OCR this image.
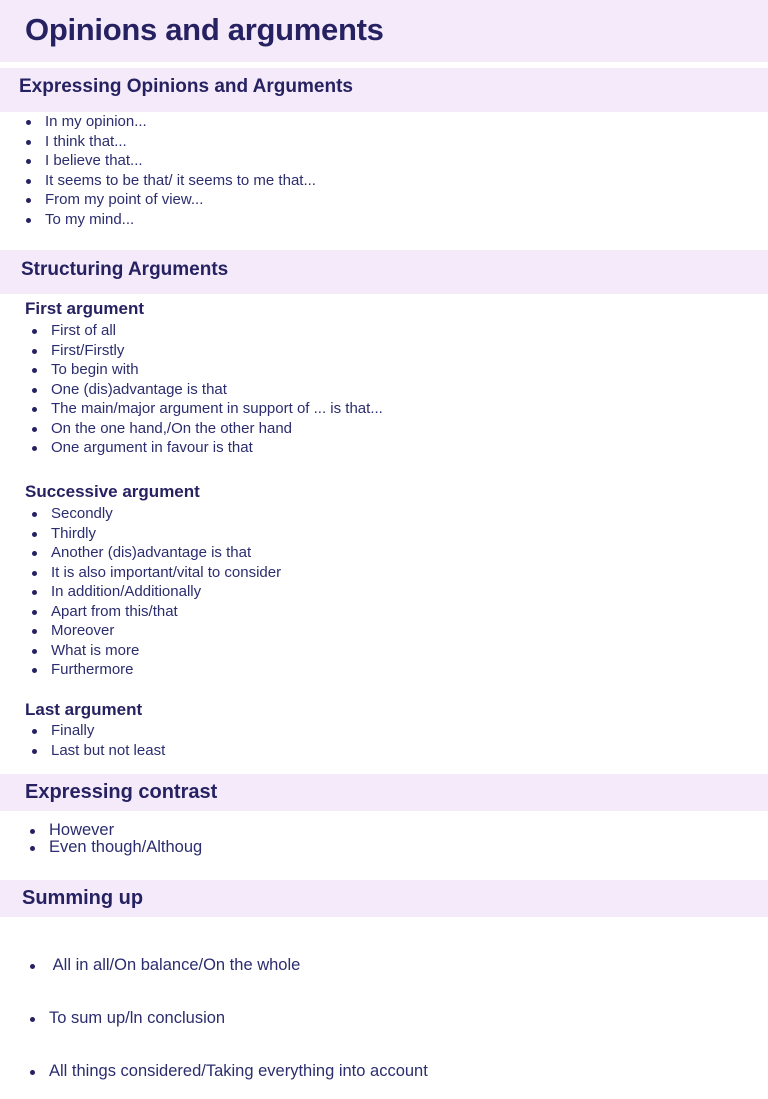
Opinions and arguments
Expressing Opinions and Arguments
In my opinion...
I think that...
I believe that...
It seems to be that/ it seems to me that...
From my point of view...
To my mind...
Structuring Arguments
First argument
First of all
First/Firstly
To begin with
One (dis)advantage is that
The main/major argument in support of ... is that...
On the one hand,/On the other hand
One argument in favour is that
Successive argument
Secondly
Thirdly
Another (dis)advantage is that
It is also important/vital to consider
In addition/Additionally
Apart from this/that
Moreover
What is more
Furthermore
Last argument
Finally
Last but not least
Expressing contrast
However
Even though/Althoug
Summing up

All in all/On balance/On the whole

To sum up/ln conclusion

All things considered/Taking everything into account
